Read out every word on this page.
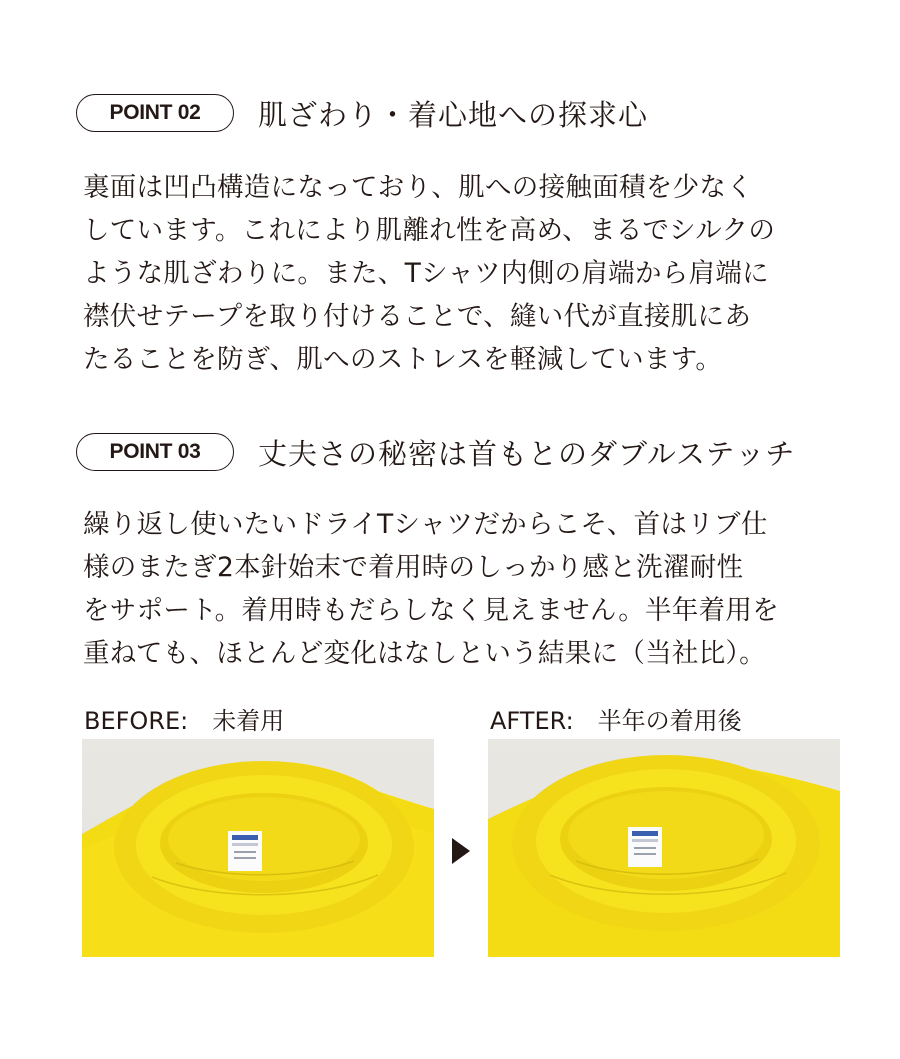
POINT 02	肌ざわり・着心地への探求心
裏面は凹凸構造になっており、肌への接触面積を少なく
しています。これにより肌離れ性を高め、まるでシルクの
ような肌ざわりに。また、Tシャツ内側の肩端から肩端に
襟伏せテープを取り付けることで、縫い代が直接肌にあ
たることを防ぎ、肌へのストレスを軽減しています。
POINT 03	丈夫さの秘密は首もとのダブルステッチ
繰り返し使いたいドライTシャツだからこそ、首はリブ仕
様のまたぎ2本針始末で着用時のしっかり感と洗濯耐性
をサポート。着用時もだらしなく見えません。半年着用を
重ねても、ほとんど変化はなしという結果に（当社比）。
BEFORE:　未着用	AFTER:　半年の着用後
